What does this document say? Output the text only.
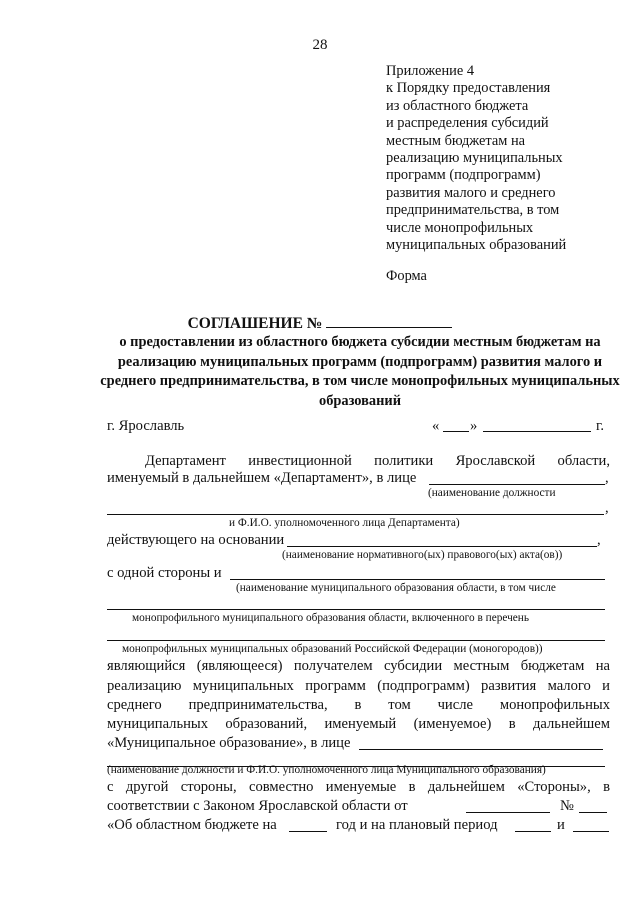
28
Приложение 4
к Порядку предоставления
из областного бюджета
и распределения субсидий
местным бюджетам на
реализацию муниципальных
программ (подпрограмм)
развития малого и среднего
предпринимательства, в том
числе монопрофильных
муниципальных образований
Форма
СОГЛАШЕНИЕ №
о предоставлении из областного бюджета субсидии местным бюджетам на реализацию муниципальных программ (подпрограмм) развития малого и среднего предпринимательства, в том числе монопрофильных муниципальных образований
г. Ярославль	« »	г.
Департамент инвестиционной политики Ярославской области,
именуемый в дальнейшем «Департамент», в лице	,
(наименование должности
,
и Ф.И.О. уполномоченного лица Департамента)
действующего на основании	,
(наименование нормативного(ых) правового(ых) акта(ов))
с одной стороны и
(наименование муниципального образования области, в том числе
монопрофильного муниципального образования области, включенного в перечень
монопрофильных муниципальных образований Российской Федерации (моногородов))
являющийся (являющееся) получателем субсидии местным бюджетам на
реализацию муниципальных программ (подпрограмм) развития малого и
среднего предпринимательства, в том числе монопрофильных
муниципальных образований, именуемый (именуемое) в дальнейшем
«Муниципальное образование», в лице
(наименование должности и Ф.И.О. уполномоченного лица Муниципального образования)
с другой стороны, совместно именуемые в дальнейшем «Стороны», в
соответствии с Законом Ярославской области от	№
«Об областном бюджете на	год и на плановый период	и
